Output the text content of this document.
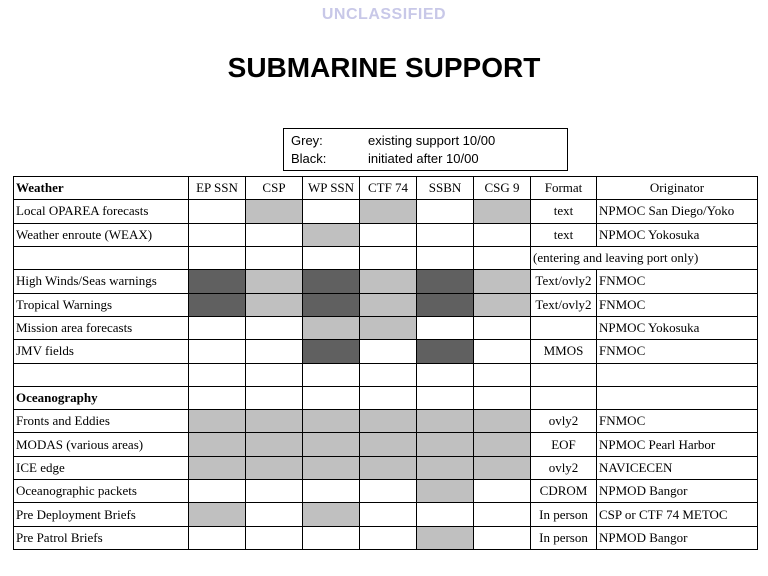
UNCLASSIFIED
SUBMARINE SUPPORT
Grey:	existing support 10/00
Black:	initiated after 10/00
Weather	EP SSN	CSP	WP SSN	CTF 74	SSBN	CSG 9	Format	Originator
Local OPAREA forecasts							text	NPMOC San Diego/Yoko
Weather enroute (WEAX)							text	NPMOC Yokosuka
							(entering and leaving port only)	
High Winds/Seas warnings							Text/ovly2	FNMOC
Tropical Warnings							Text/ovly2	FNMOC
Mission area forecasts								NPMOC Yokosuka
JMV fields							MMOS	FNMOC

Oceanography								
Fronts and Eddies							ovly2	FNMOC
MODAS (various areas)							EOF	NPMOC Pearl Harbor
ICE edge							ovly2	NAVICECEN
Oceanographic packets							CDROM	NPMOD Bangor
Pre Deployment Briefs							In person	CSP or CTF 74 METOC
Pre Patrol Briefs							In person	NPMOD Bangor
